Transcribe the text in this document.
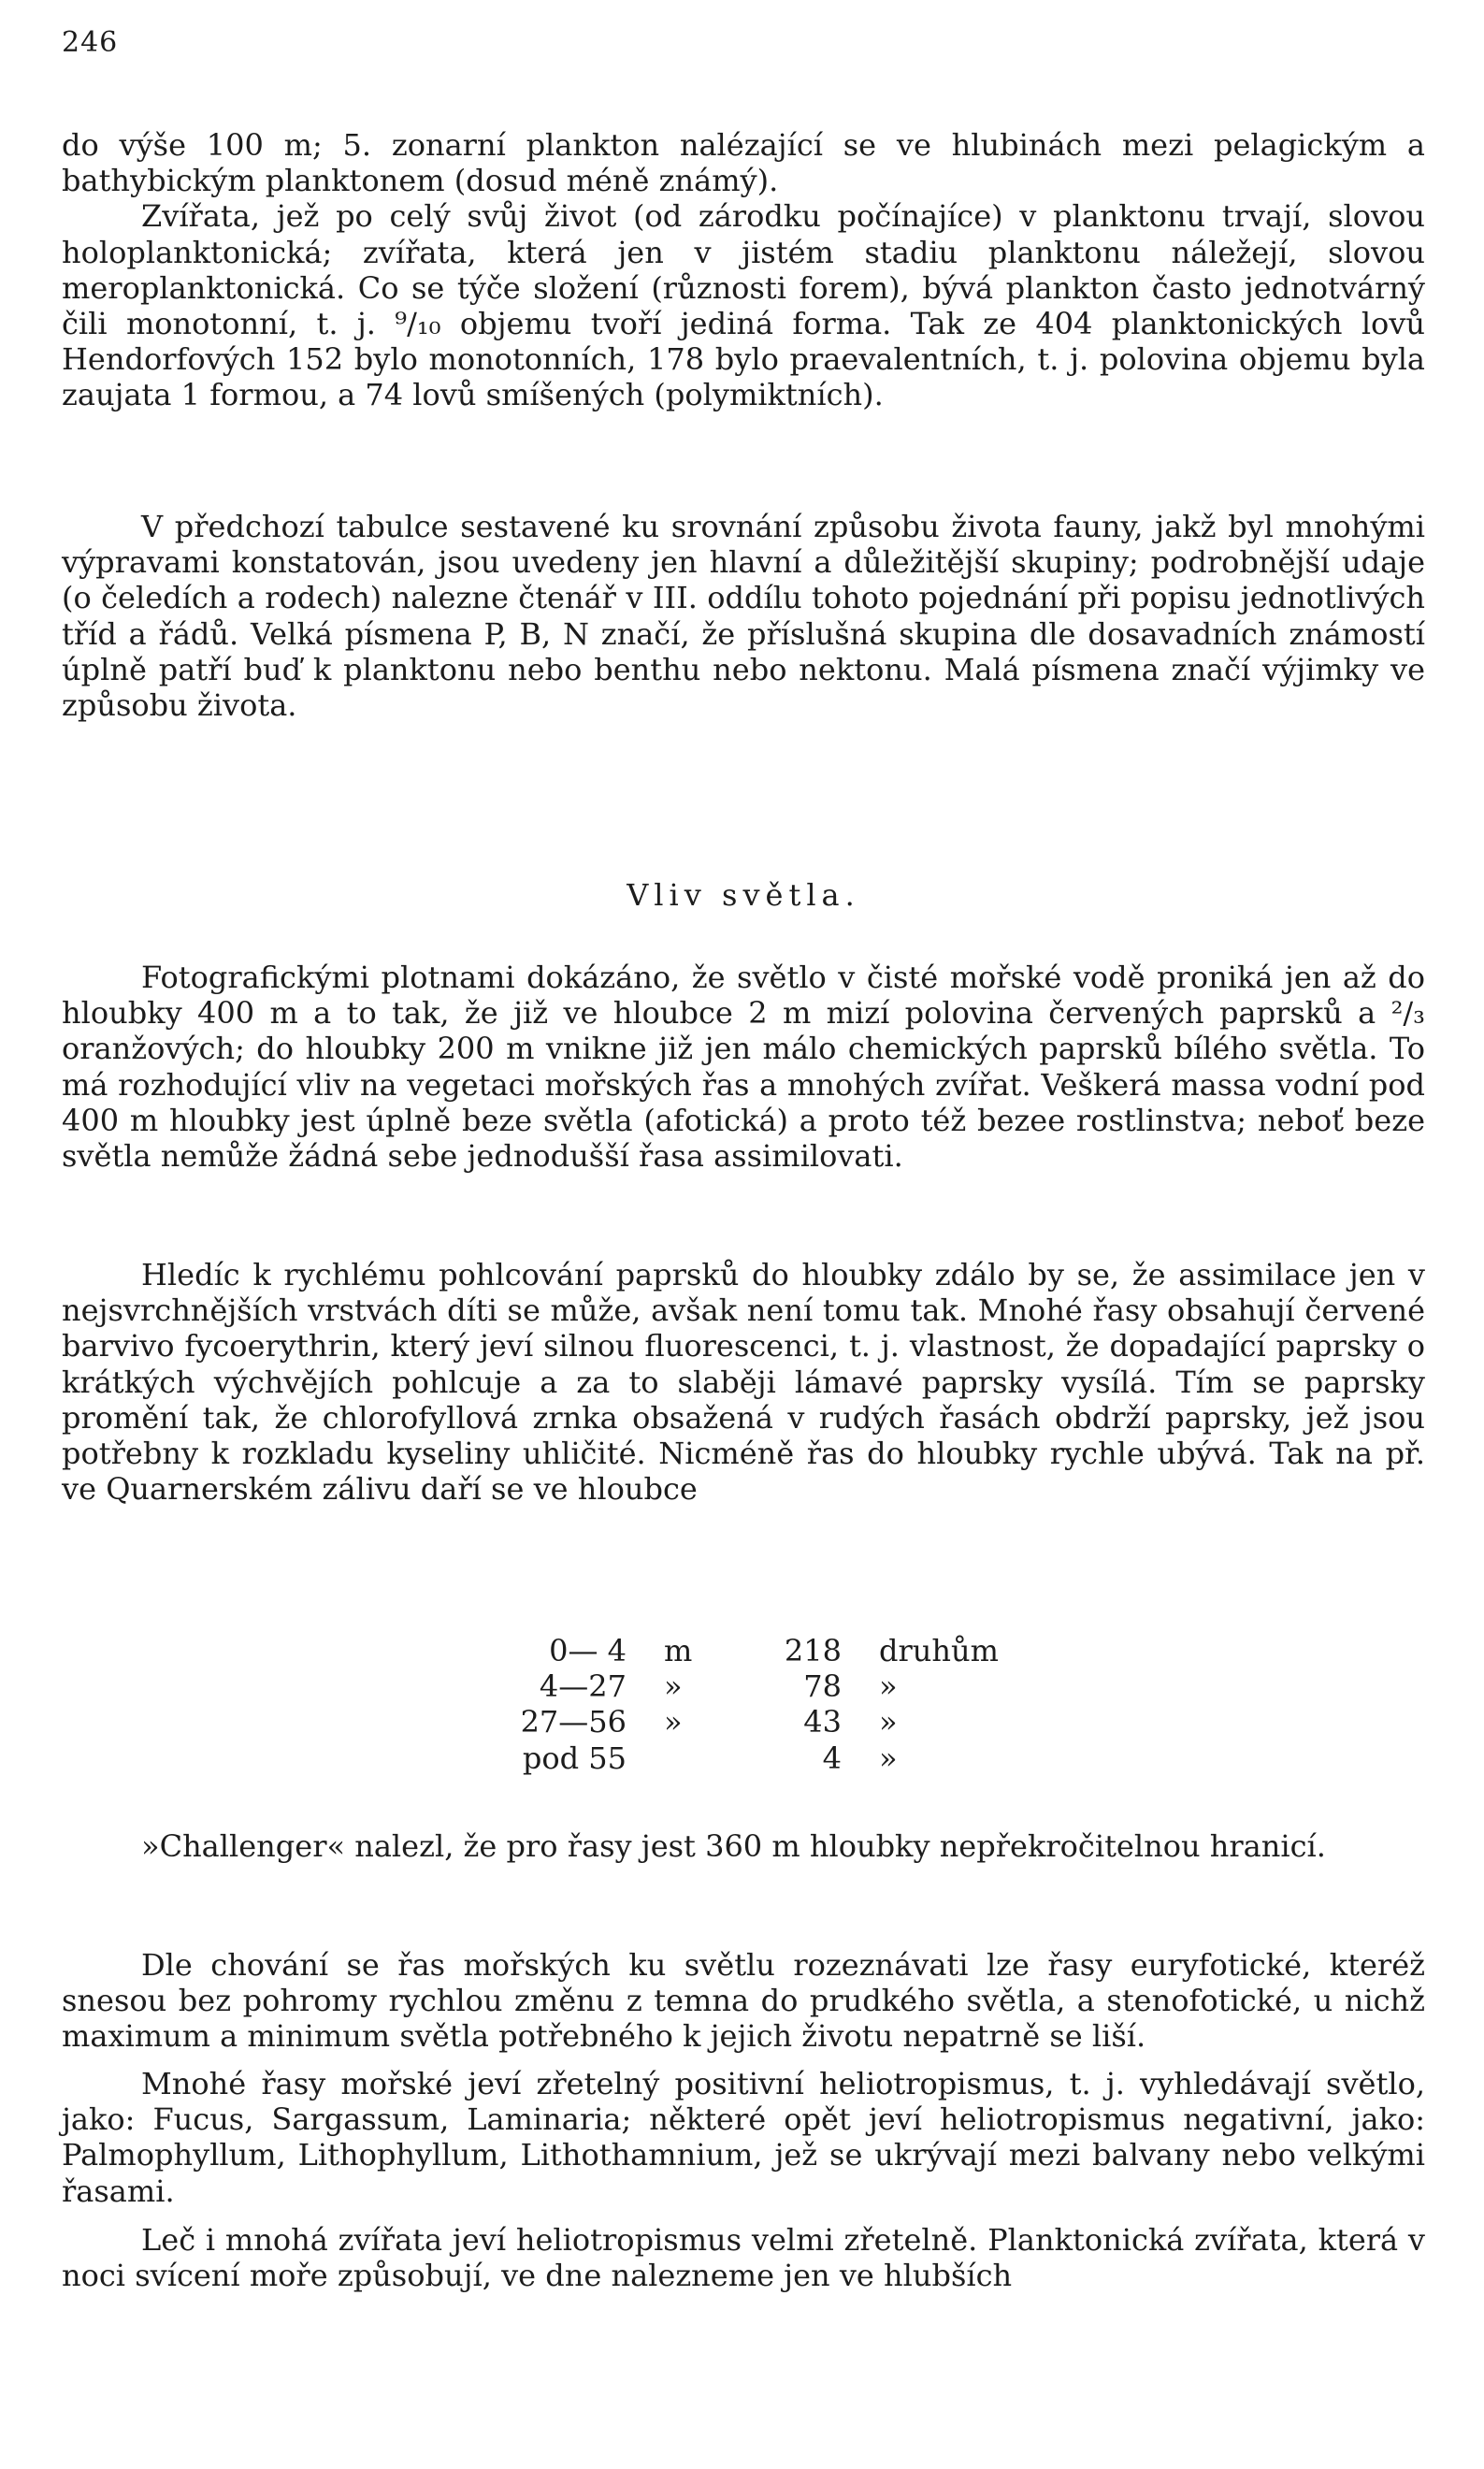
246

do výše 100 m; 5. zonarní plankton nalézající se ve hlubinách mezi pelagickým a bathybickým planktonem (dosud méně známý).

Zvířata, jež po celý svůj život (od zárodku počínajíce) v planktonu trvají, slovou holoplanktonická; zvířata, která jen v jistém stadiu planktonu náležejí, slovou meroplanktonická. Co se týče složení (různosti forem), bývá plankton často jednotvárný čili monotonní, t. j. ⁹/₁₀ objemu tvoří jediná forma. Tak ze 404 planktonických lovů Hendorfových 152 bylo monotonních, 178 bylo praevalentních, t. j. polovina objemu byla zaujata 1 formou, a 74 lovů smíšených (polymiktních).

V předchozí tabulce sestavené ku srovnání způsobu života fauny, jakž byl mnohými výpravami konstatován, jsou uvedeny jen hlavní a důležitější skupiny; podrobnější udaje (o čeledích a rodech) nalezne čtenář v III. oddílu tohoto pojednání při popisu jednotlivých tříd a řádů. Velká písmena P, B, N značí, že příslušná skupina dle dosavadních známostí úplně patří buď k planktonu nebo benthu nebo nektonu. Malá písmena značí výjimky ve způsobu života.

Vliv světla.

Fotografickými plotnami dokázáno, že světlo v čisté mořské vodě proniká jen až do hloubky 400 m a to tak, že již ve hloubce 2 m mizí polovina červených paprsků a ²/₃ oranžových; do hloubky 200 m vnikne již jen málo chemických paprsků bílého světla. To má rozhodující vliv na vegetaci mořských řas a mnohých zvířat. Veškerá massa vodní pod 400 m hloubky jest úplně beze světla (afotická) a proto též bezee rostlinstva; neboť beze světla nemůže žádná sebe jednodušší řasa assimilovati.

Hledíc k rychlému pohlcování paprsků do hloubky zdálo by se, že assimilace jen v nejsvrchnějších vrstvách díti se může, avšak není tomu tak. Mnohé řasy obsahují červené barvivo fycoerythrin, který jeví silnou fluorescenci, t. j. vlastnost, že dopadající paprsky o krátkých výchvějích pohlcuje a za to slaběji lámavé paprsky vysílá. Tím se paprsky promění tak, že chlorofyllová zrnka obsažená v rudých řasách obdrží paprsky, jež jsou potřebny k rozkladu kyseliny uhličité. Nicméně řas do hloubky rychle ubývá. Tak na př. ve Quarnerském zálivu daří se ve hloubce

0— 4	m	218	druhům
4—27	»	78	»
27—56	»	43	»
pod 55		4	»

»Challenger« nalezl, že pro řasy jest 360 m hloubky nepřekročitelnou hranicí.

Dle chování se řas mořských ku světlu rozeznávati lze řasy euryfotické, kteréž snesou bez pohromy rychlou změnu z temna do prudkého světla, a stenofotické, u nichž maximum a minimum světla potřebného k jejich životu nepatrně se liší.

Mnohé řasy mořské jeví zřetelný positivní heliotropismus, t. j. vyhledávají světlo, jako: Fucus, Sargassum, Laminaria; některé opět jeví heliotropismus negativní, jako: Palmophyllum, Lithophyllum, Lithothamnium, jež se ukrývají mezi balvany nebo velkými řasami.

Leč i mnohá zvířata jeví heliotropismus velmi zřetelně. Planktonická zvířata, která v noci svícení moře způsobují, ve dne nalezneme jen ve hlubších
